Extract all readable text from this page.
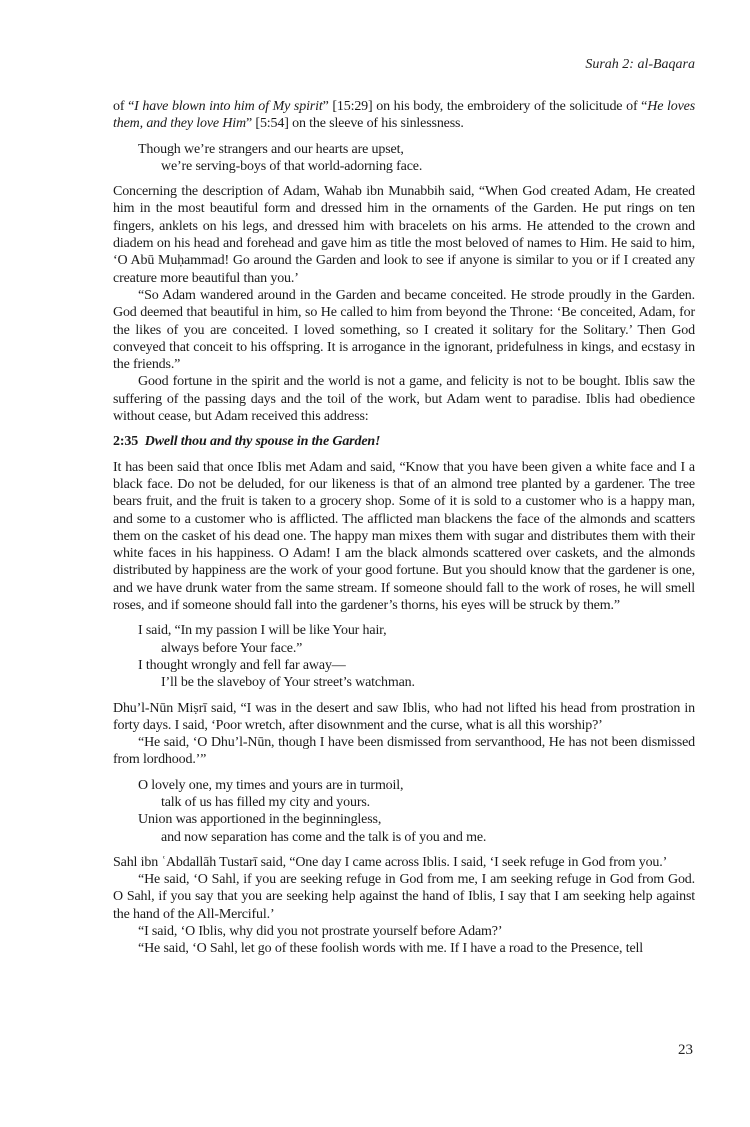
Surah 2: al-Baqara

of “I have blown into him of My spirit” [15:29] on his body, the embroidery of the solicitude of “He loves them, and they love Him” [5:54] on the sleeve of his sinlessness.

Though we’re strangers and our hearts are upset,
we’re serving-boys of that world-adorning face.

Concerning the description of Adam, Wahab ibn Munabbih said, “When God created Adam, He created him in the most beautiful form and dressed him in the ornaments of the Garden. He put rings on ten fingers, anklets on his legs, and dressed him with bracelets on his arms. He attended to the crown and diadem on his head and forehead and gave him as title the most beloved of names to Him. He said to him, ‘O Abū Muḥammad! Go around the Garden and look to see if anyone is similar to you or if I created any creature more beautiful than you.’

“So Adam wandered around in the Garden and became conceited. He strode proudly in the Garden. God deemed that beautiful in him, so He called to him from beyond the Throne: ‘Be conceited, Adam, for the likes of you are conceited. I loved something, so I created it solitary for the Solitary.’ Then God conveyed that conceit to his offspring. It is arrogance in the ignorant, pridefulness in kings, and ecstasy in the friends.”

Good fortune in the spirit and the world is not a game, and felicity is not to be bought. Iblis saw the suffering of the passing days and the toil of the work, but Adam went to paradise. Iblis had obedience without cease, but Adam received this address:

2:35 Dwell thou and thy spouse in the Garden!

It has been said that once Iblis met Adam and said, “Know that you have been given a white face and I a black face. Do not be deluded, for our likeness is that of an almond tree planted by a gardener. The tree bears fruit, and the fruit is taken to a grocery shop. Some of it is sold to a customer who is a happy man, and some to a customer who is afflicted. The afflicted man blackens the face of the almonds and scatters them on the casket of his dead one. The happy man mixes them with sugar and distributes them with their white faces in his happiness. O Adam! I am the black almonds scattered over caskets, and the almonds distributed by happiness are the work of your good fortune. But you should know that the gardener is one, and we have drunk water from the same stream. If someone should fall to the work of roses, he will smell roses, and if someone should fall into the gardener’s thorns, his eyes will be struck by them.”

I said, “In my passion I will be like Your hair,
always before Your face.”
I thought wrongly and fell far away—
I’ll be the slaveboy of Your street’s watchman.

Dhu’l-Nūn Miṣrī said, “I was in the desert and saw Iblis, who had not lifted his head from prostration in forty days. I said, ‘Poor wretch, after disownment and the curse, what is all this worship?’

“He said, ‘O Dhu’l-Nūn, though I have been dismissed from servanthood, He has not been dismissed from lordhood.’”

O lovely one, my times and yours are in turmoil,
talk of us has filled my city and yours.
Union was apportioned in the beginningless,
and now separation has come and the talk is of you and me.

Sahl ibn ʿAbdallāh Tustarī said, “One day I came across Iblis. I said, ‘I seek refuge in God from you.’

“He said, ‘O Sahl, if you are seeking refuge in God from me, I am seeking refuge in God from God. O Sahl, if you say that you are seeking help against the hand of Iblis, I say that I am seeking help against the hand of the All-Merciful.’

“I said, ‘O Iblis, why did you not prostrate yourself before Adam?’

“He said, ‘O Sahl, let go of these foolish words with me. If I have a road to the Presence, tell

23
